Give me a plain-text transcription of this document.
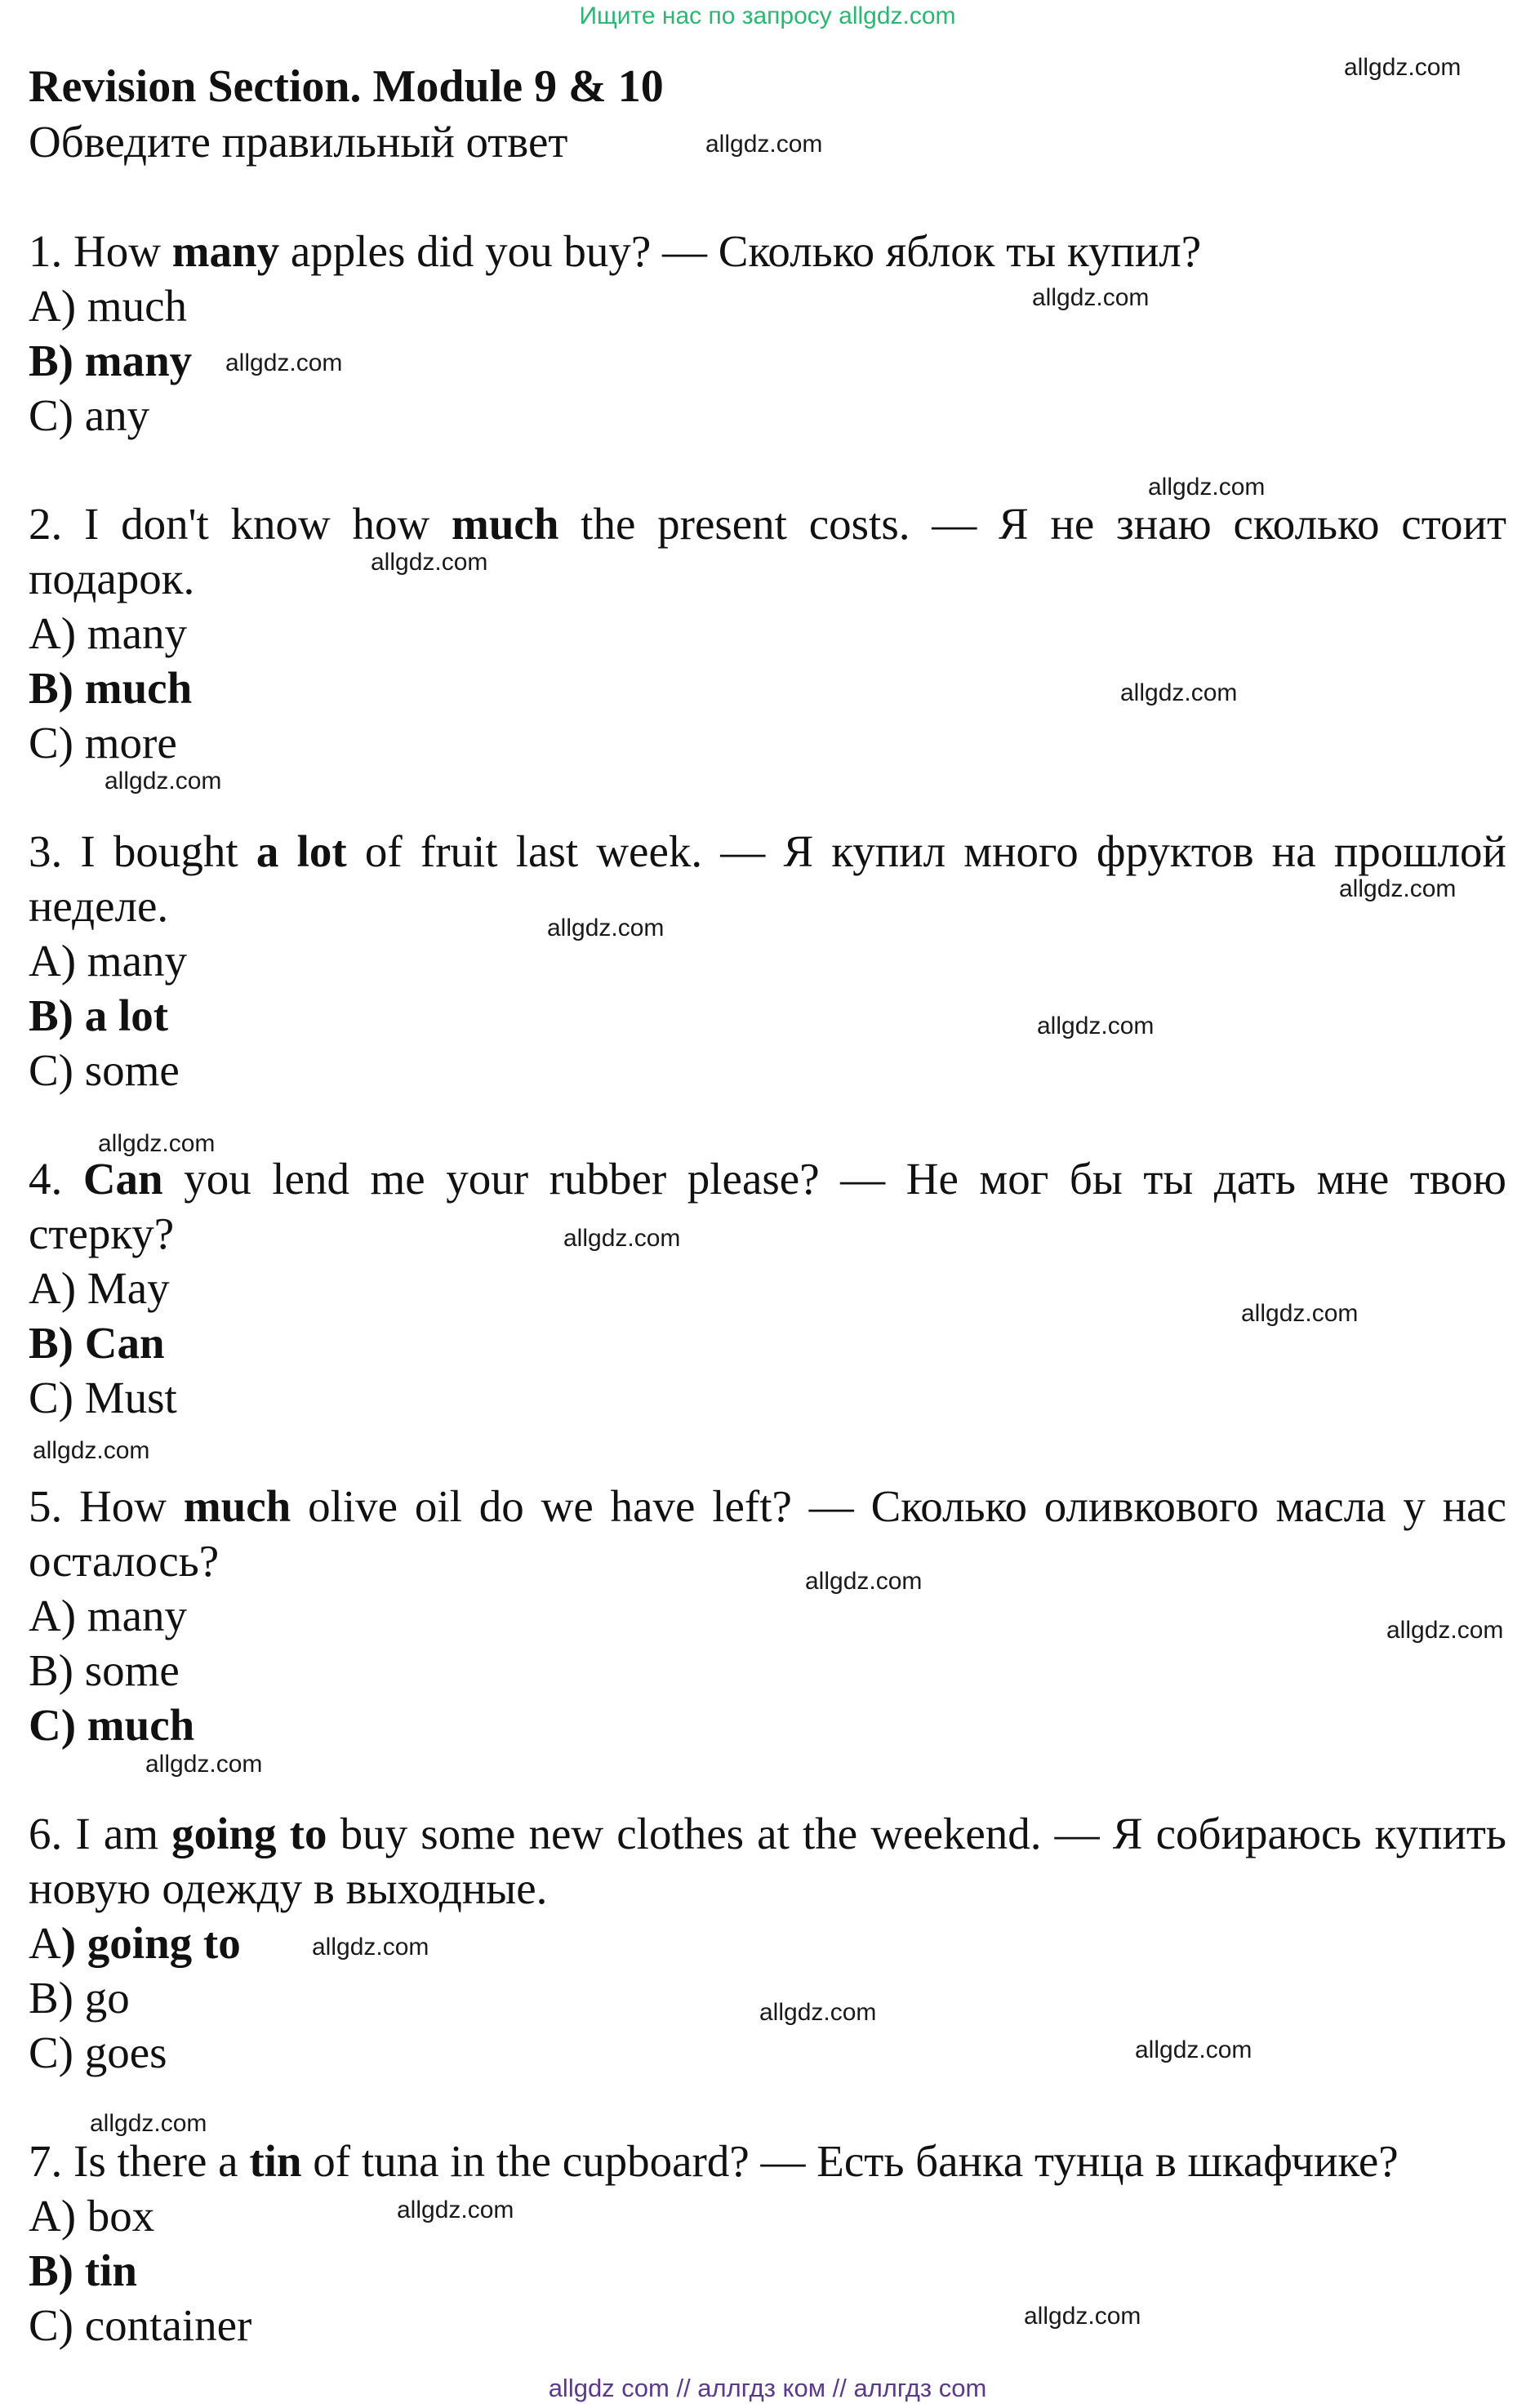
Ищите нас по запросу allgdz.com
Revision Section. Module 9 & 10

Обведите правильный ответ

1. How many apples did you buy? — Сколько яблок ты купил?

A) much

B) many

C) any

2. I don't know how much the present costs. — Я не знаю сколько стоит подарок.

A) many

B) much

C) more

3. I bought a lot of fruit last week. — Я купил много фруктов на прошлой неделе.

A) many

B) a lot

C) some

4. Can you lend me your rubber please? — Не мог бы ты дать мне твою стерку?

A) May

B) Can

C) Must

5. How much olive oil do we have left? — Сколько оливкового масла у нас осталось?

A) many

B) some

C) much

6. I am going to buy some new clothes at the weekend. — Я собираюсь купить новую одежду в выходные.

A) going to

B) go

C) goes

7. Is there a tin of tuna in the cupboard? — Есть банка тунца в шкафчике?

A) box

B) tin

C) container

allgdz.com
allgdz.com
allgdz.com
allgdz.com
allgdz.com
allgdz.com
allgdz.com
allgdz.com
allgdz.com
allgdz.com
allgdz.com
allgdz.com
allgdz.com
allgdz.com
allgdz.com
allgdz.com
allgdz.com
allgdz.com
allgdz.com
allgdz.com
allgdz.com
allgdz.com
allgdz.com
allgdz.com
allgdz com // аллгдз ком // аллгдз com
